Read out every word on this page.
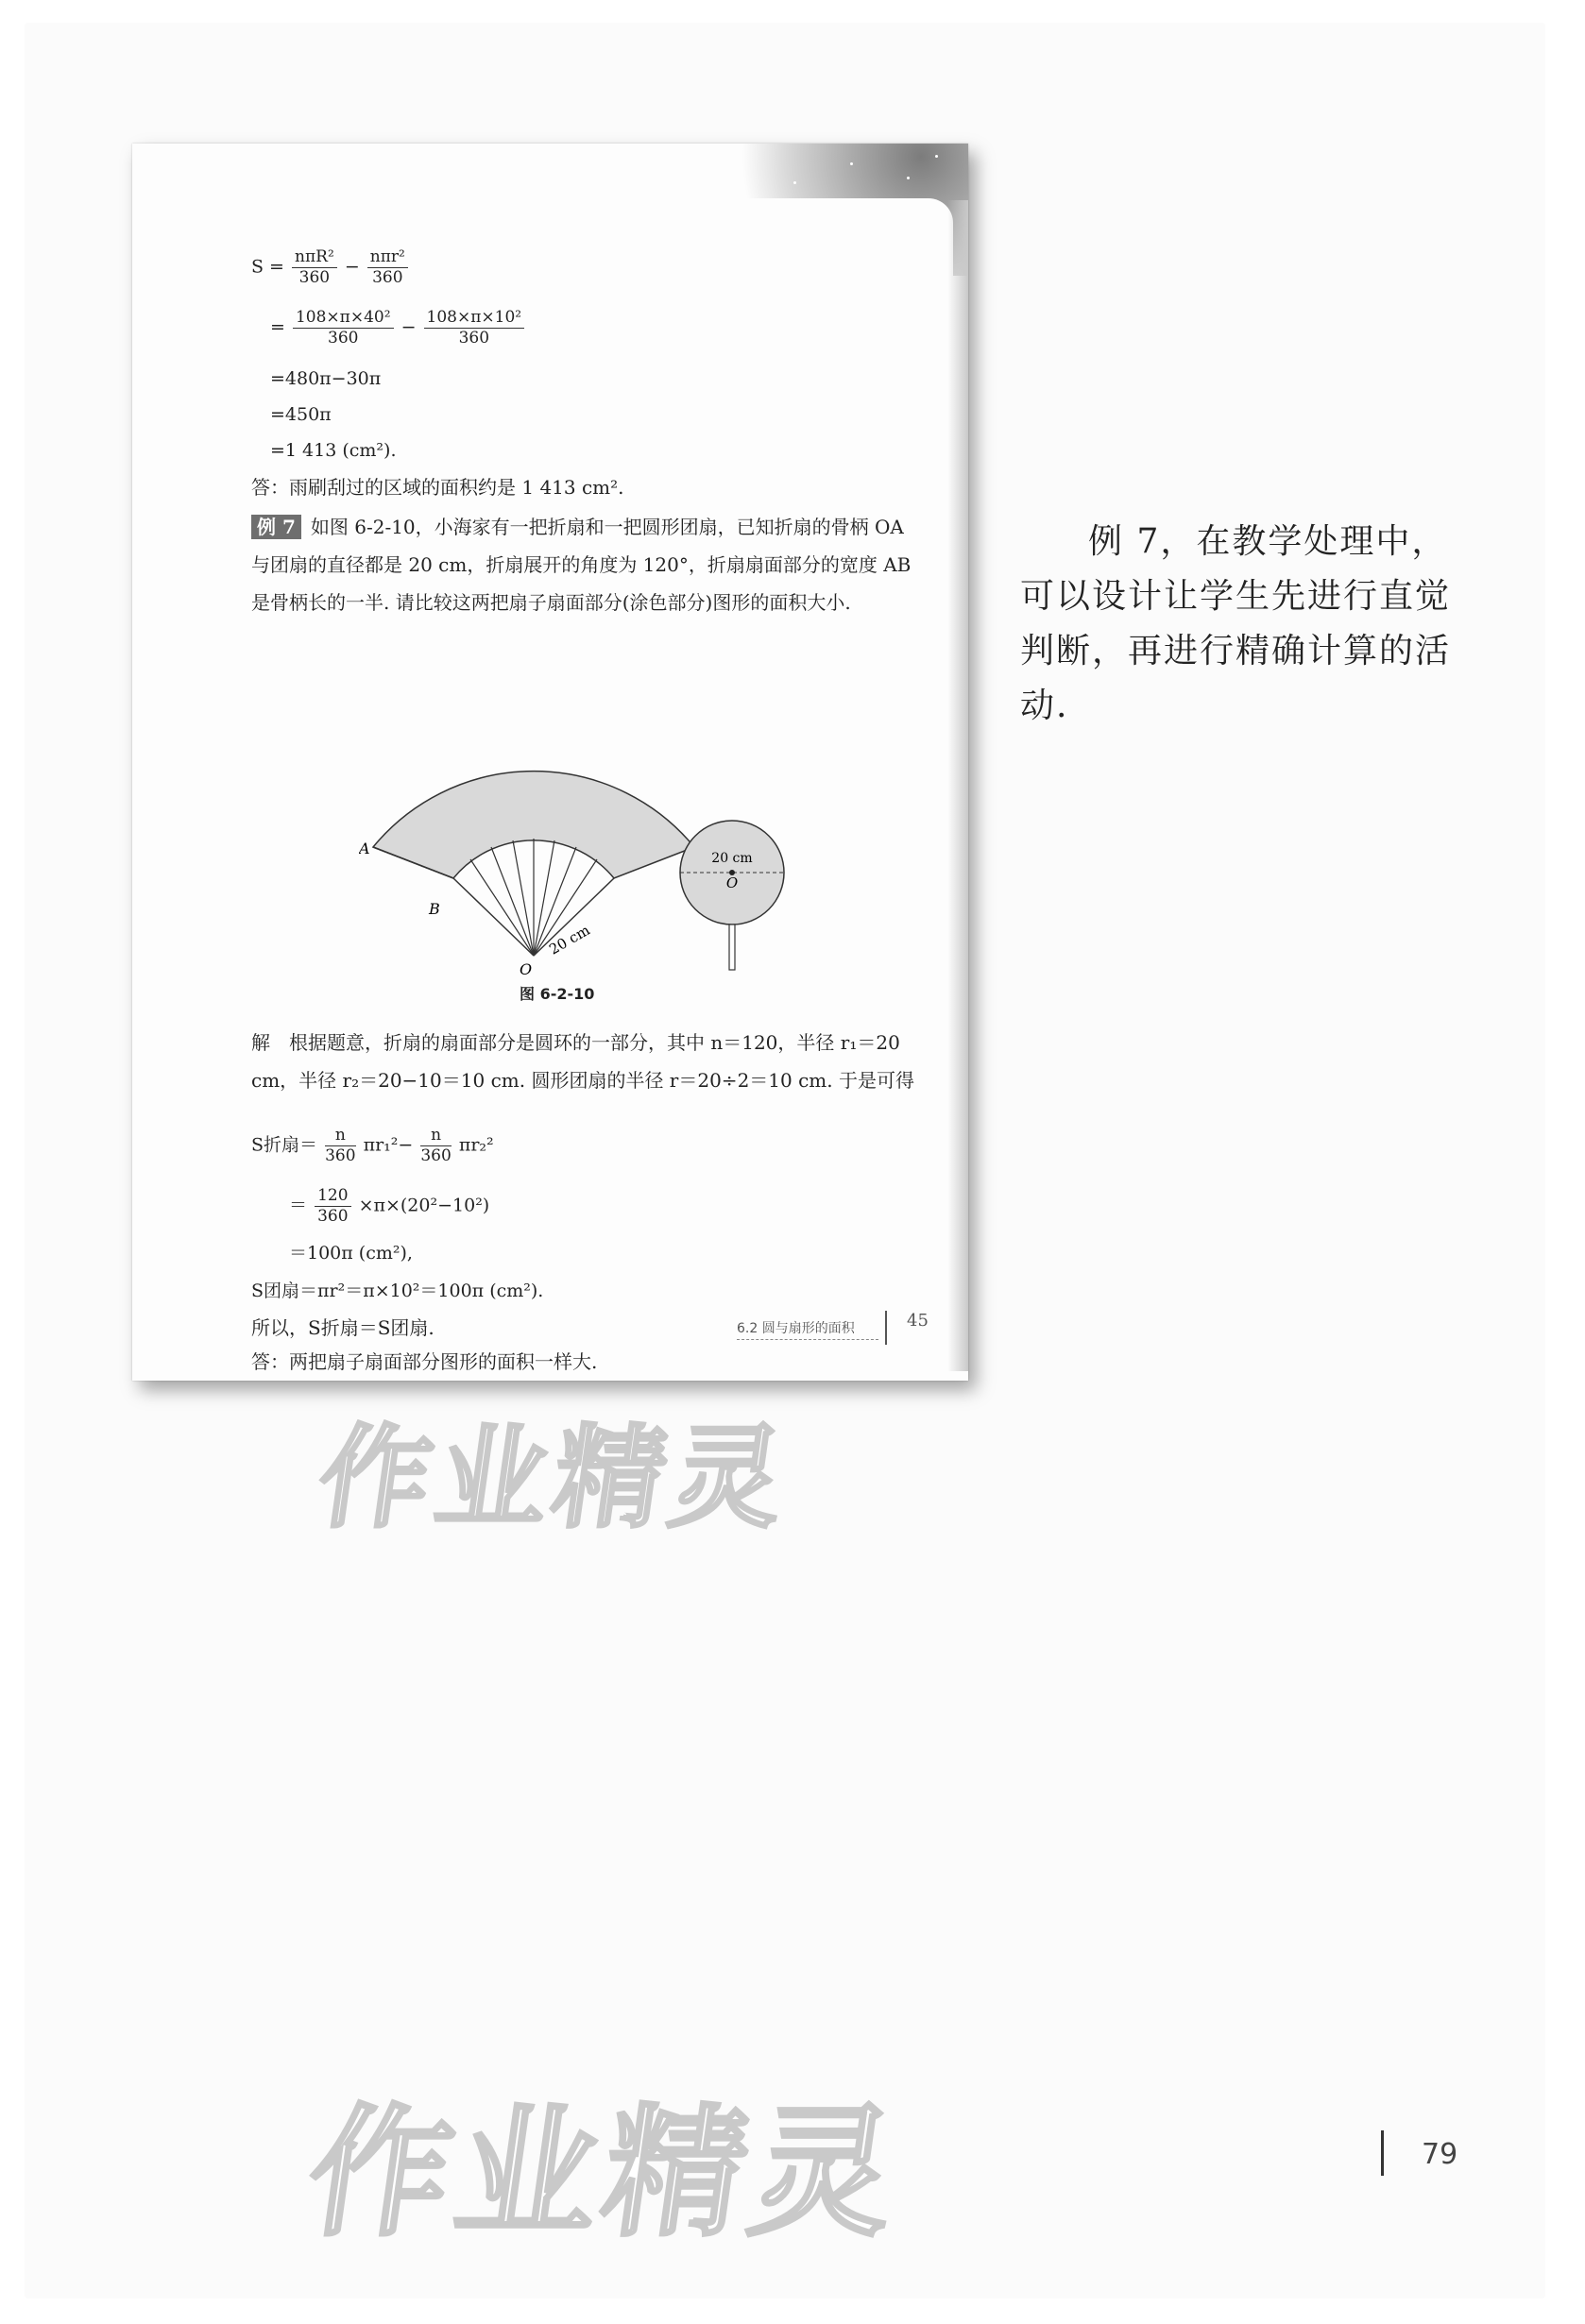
$S = \frac{\text{nπR²}}{360} - \frac{\text{nπr²}}{360}$
= $\frac{\text{108×π×40²}}{360} - \frac{\text{108×π×10²}}{360}$
=480π−30π
=450π
=1 413 (cm²).
答：雨刷刮过的区域的面积约是 1 413 cm².
例 7 如图 6-2-10，小海家有一把折扇和一把圆形团扇，已知折扇的骨柄 OA 与团扇的直径都是 20 cm，折扇展开的角度为 120°，折扇扇面部分的宽度 AB 是骨柄长的一半. 请比较这两把扇子扇面部分(涂色部分)图形的面积大小.
A
B
O
20 cm
20 cm
O
图 6-2-10
解　根据题意，折扇的扇面部分是圆环的一部分，其中 n＝120，半径 r₁＝20 cm，半径 r₂＝20−10＝10 cm. 圆形团扇的半径 r＝20÷2＝10 cm. 于是可得
S折扇＝ $\frac{n}{360} \pi r_1^2- \frac{n}{360} \pi r_2^2$
＝ $\frac{120}{360} \times\pi\times(20^2-10^2)$
＝100π (cm²),
S团扇＝πr²＝π×10²＝100π (cm²).
所以，S折扇＝S团扇.
答：两把扇子扇面部分图形的面积一样大.
6.2 圆与扇形的面积	45
例 7，在教学处理中，可以设计让学生先进行直觉判断，再进行精确计算的活动.
作业精灵
作业精灵	79
